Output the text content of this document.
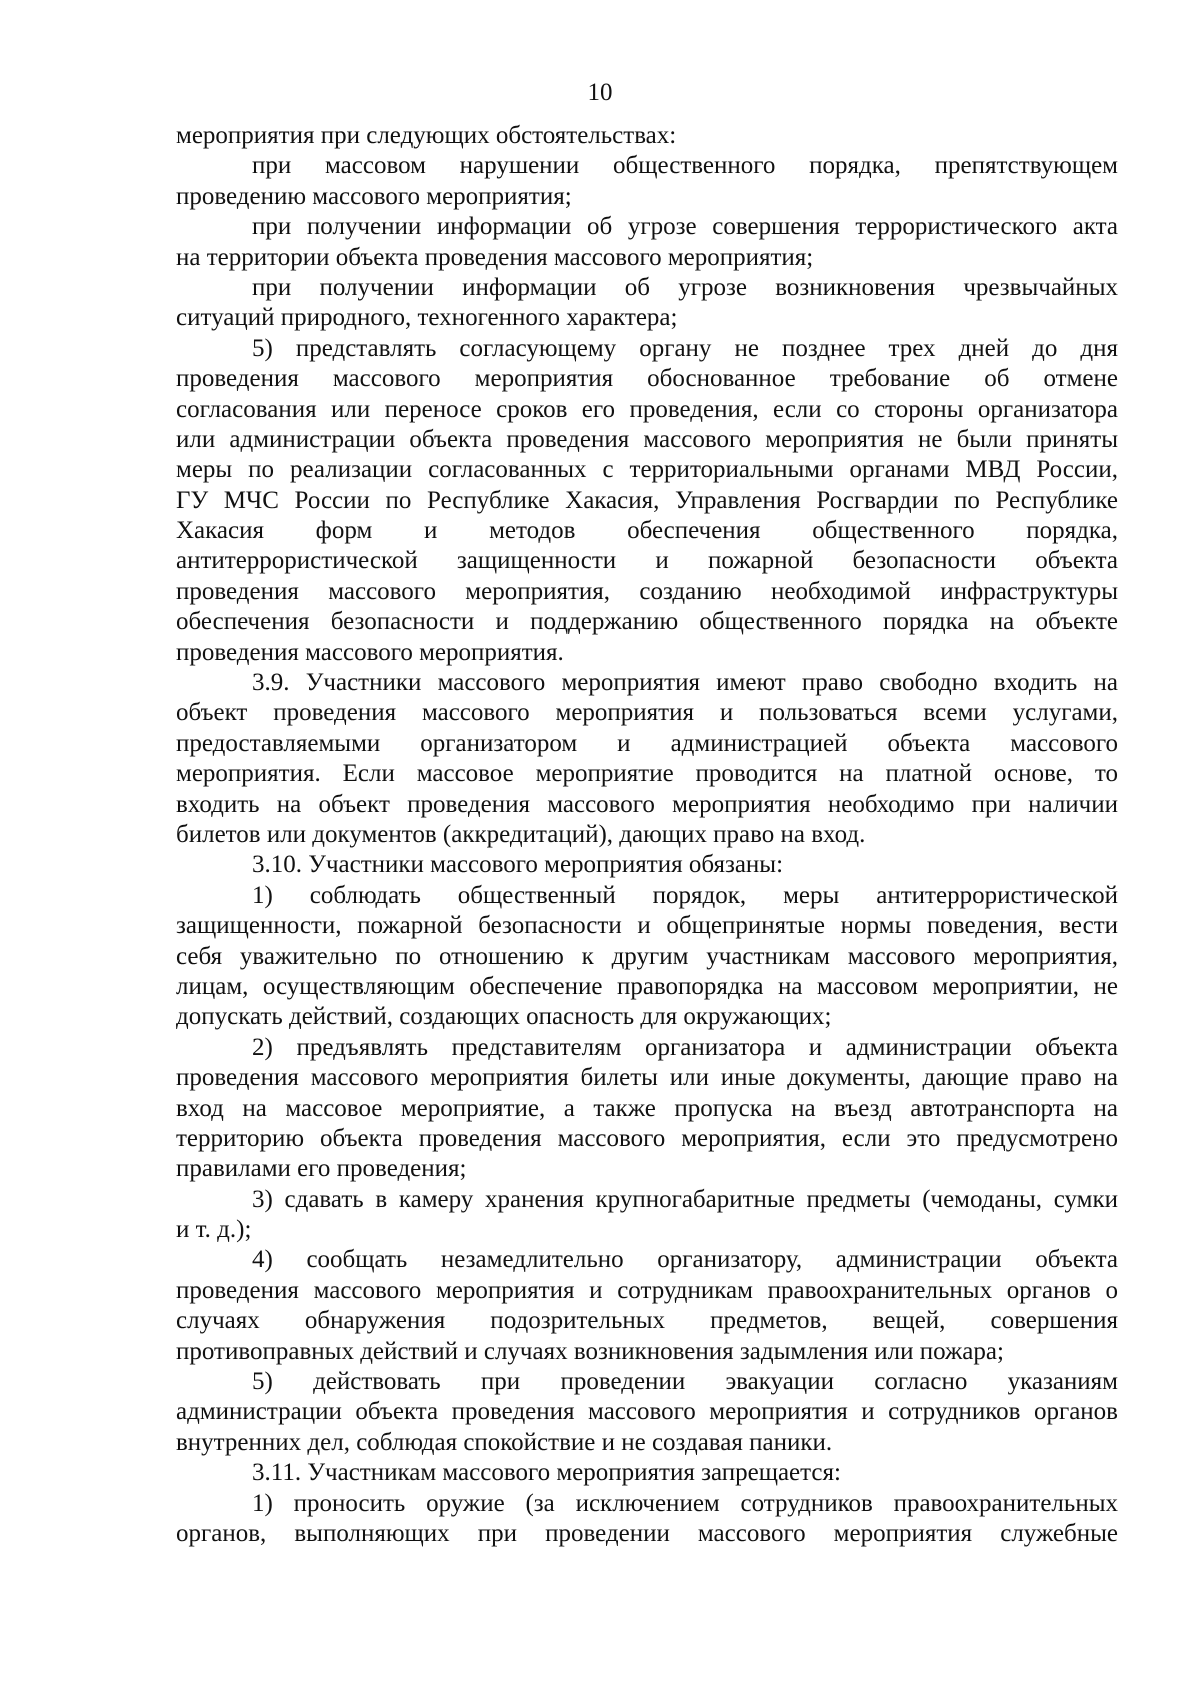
10
мероприятия при следующих обстоятельствах:
при массовом нарушении общественного порядка, препятствующем
проведению массового мероприятия;
при получении информации об угрозе совершения террористического акта
на территории объекта проведения массового мероприятия;
при получении информации об угрозе возникновения чрезвычайных
ситуаций природного, техногенного характера;
5) представлять согласующему органу не позднее трех дней до дня
проведения массового мероприятия обоснованное требование об отмене
согласования или переносе сроков его проведения, если со стороны организатора
или администрации объекта проведения массового мероприятия не были приняты
меры по реализации согласованных с территориальными органами МВД России,
ГУ МЧС России по Республике Хакасия, Управления Росгвардии по Республике
Хакасия форм и методов обеспечения общественного порядка,
антитеррористической защищенности и пожарной безопасности объекта
проведения массового мероприятия, созданию необходимой инфраструктуры
обеспечения безопасности и поддержанию общественного порядка на объекте
проведения массового мероприятия.
3.9. Участники массового мероприятия имеют право свободно входить на
объект проведения массового мероприятия и пользоваться всеми услугами,
предоставляемыми организатором и администрацией объекта массового
мероприятия. Если массовое мероприятие проводится на платной основе, то
входить на объект проведения массового мероприятия необходимо при наличии
билетов или документов (аккредитаций), дающих право на вход.
3.10. Участники массового мероприятия обязаны:
1) соблюдать общественный порядок, меры антитеррористической
защищенности, пожарной безопасности и общепринятые нормы поведения, вести
себя уважительно по отношению к другим участникам массового мероприятия,
лицам, осуществляющим обеспечение правопорядка на массовом мероприятии, не
допускать действий, создающих опасность для окружающих;
2) предъявлять представителям организатора и администрации объекта
проведения массового мероприятия билеты или иные документы, дающие право на
вход на массовое мероприятие, а также пропуска на въезд автотранспорта на
территорию объекта проведения массового мероприятия, если это предусмотрено
правилами его проведения;
3) сдавать в камеру хранения крупногабаритные предметы (чемоданы, сумки
и т. д.);
4) сообщать незамедлительно организатору, администрации объекта
проведения массового мероприятия и сотрудникам правоохранительных органов о
случаях обнаружения подозрительных предметов, вещей, совершения
противоправных действий и случаях возникновения задымления или пожара;
5) действовать при проведении эвакуации согласно указаниям
администрации объекта проведения массового мероприятия и сотрудников органов
внутренних дел, соблюдая спокойствие и не создавая паники.
3.11. Участникам массового мероприятия запрещается:
1) проносить оружие (за исключением сотрудников правоохранительных
органов, выполняющих при проведении массового мероприятия служебные
